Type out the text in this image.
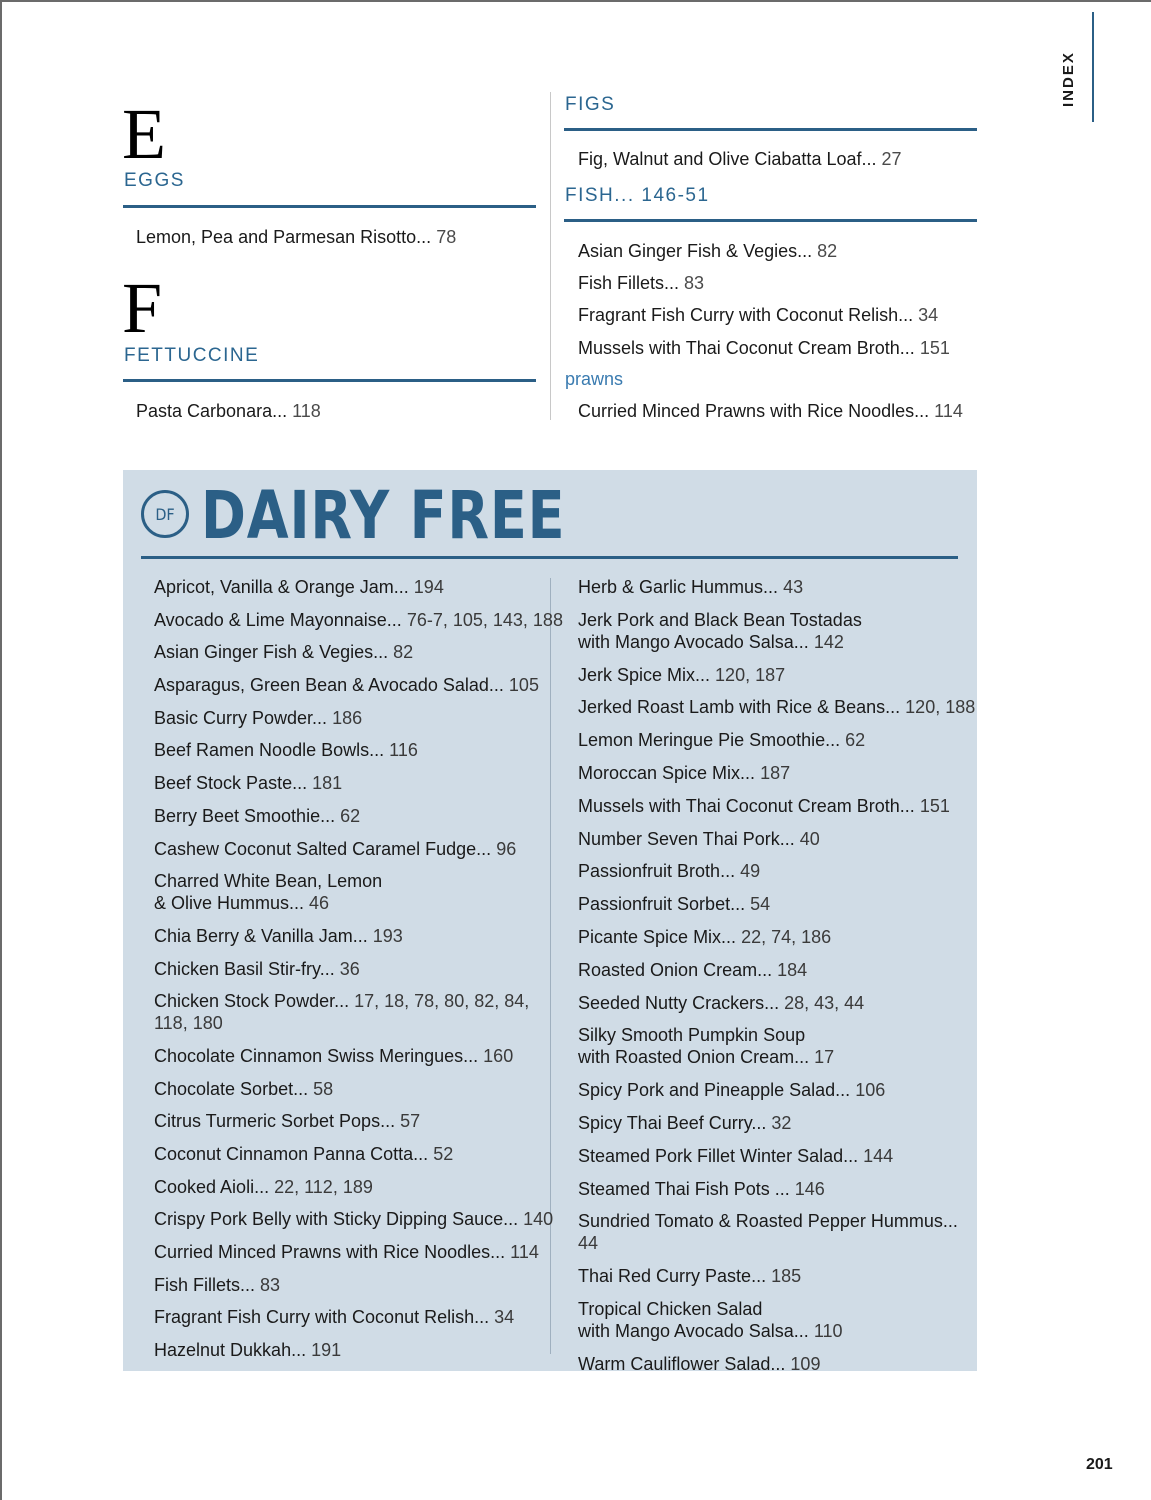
INDEX
E
EGGS
Lemon, Pea and Parmesan Risotto... 78
F
FETTUCCINE
Pasta Carbonara... 118
FIGS
Fig, Walnut and Olive Ciabatta Loaf... 27
FISH... 146-51
Asian Ginger Fish & Vegies... 82
Fish Fillets... 83
Fragrant Fish Curry with Coconut Relish... 34
Mussels with Thai Coconut Cream Broth... 151
prawns
Curried Minced Prawns with Rice Noodles... 114
DF DAIRY FREE
Apricot, Vanilla & Orange Jam... 194
Avocado & Lime Mayonnaise... 76-7, 105, 143, 188
Asian Ginger Fish & Vegies... 82
Asparagus, Green Bean & Avocado Salad... 105
Basic Curry Powder... 186
Beef Ramen Noodle Bowls... 116
Beef Stock Paste... 181
Berry Beet Smoothie... 62
Cashew Coconut Salted Caramel Fudge... 96
Charred White Bean, Lemon
& Olive Hummus... 46
Chia Berry & Vanilla Jam... 193
Chicken Basil Stir-fry... 36
Chicken Stock Powder... 17, 18, 78, 80, 82, 84,
118, 180
Chocolate Cinnamon Swiss Meringues... 160
Chocolate Sorbet... 58
Citrus Turmeric Sorbet Pops... 57
Coconut Cinnamon Panna Cotta... 52
Cooked Aioli... 22, 112, 189
Crispy Pork Belly with Sticky Dipping Sauce... 140
Curried Minced Prawns with Rice Noodles... 114
Fish Fillets... 83
Fragrant Fish Curry with Coconut Relish... 34
Hazelnut Dukkah... 191
Herb & Garlic Hummus... 43
Jerk Pork and Black Bean Tostadas
with Mango Avocado Salsa... 142
Jerk Spice Mix... 120, 187
Jerked Roast Lamb with Rice & Beans... 120, 188
Lemon Meringue Pie Smoothie... 62
Moroccan Spice Mix... 187
Mussels with Thai Coconut Cream Broth... 151
Number Seven Thai Pork... 40
Passionfruit Broth... 49
Passionfruit Sorbet... 54
Picante Spice Mix... 22, 74, 186
Roasted Onion Cream... 184
Seeded Nutty Crackers... 28, 43, 44
Silky Smooth Pumpkin Soup
with Roasted Onion Cream... 17
Spicy Pork and Pineapple Salad... 106
Spicy Thai Beef Curry... 32
Steamed Pork Fillet Winter Salad... 144
Steamed Thai Fish Pots ... 146
Sundried Tomato & Roasted Pepper Hummus... 44
Thai Red Curry Paste... 185
Tropical Chicken Salad
with Mango Avocado Salsa... 110
Warm Cauliflower Salad... 109
201
